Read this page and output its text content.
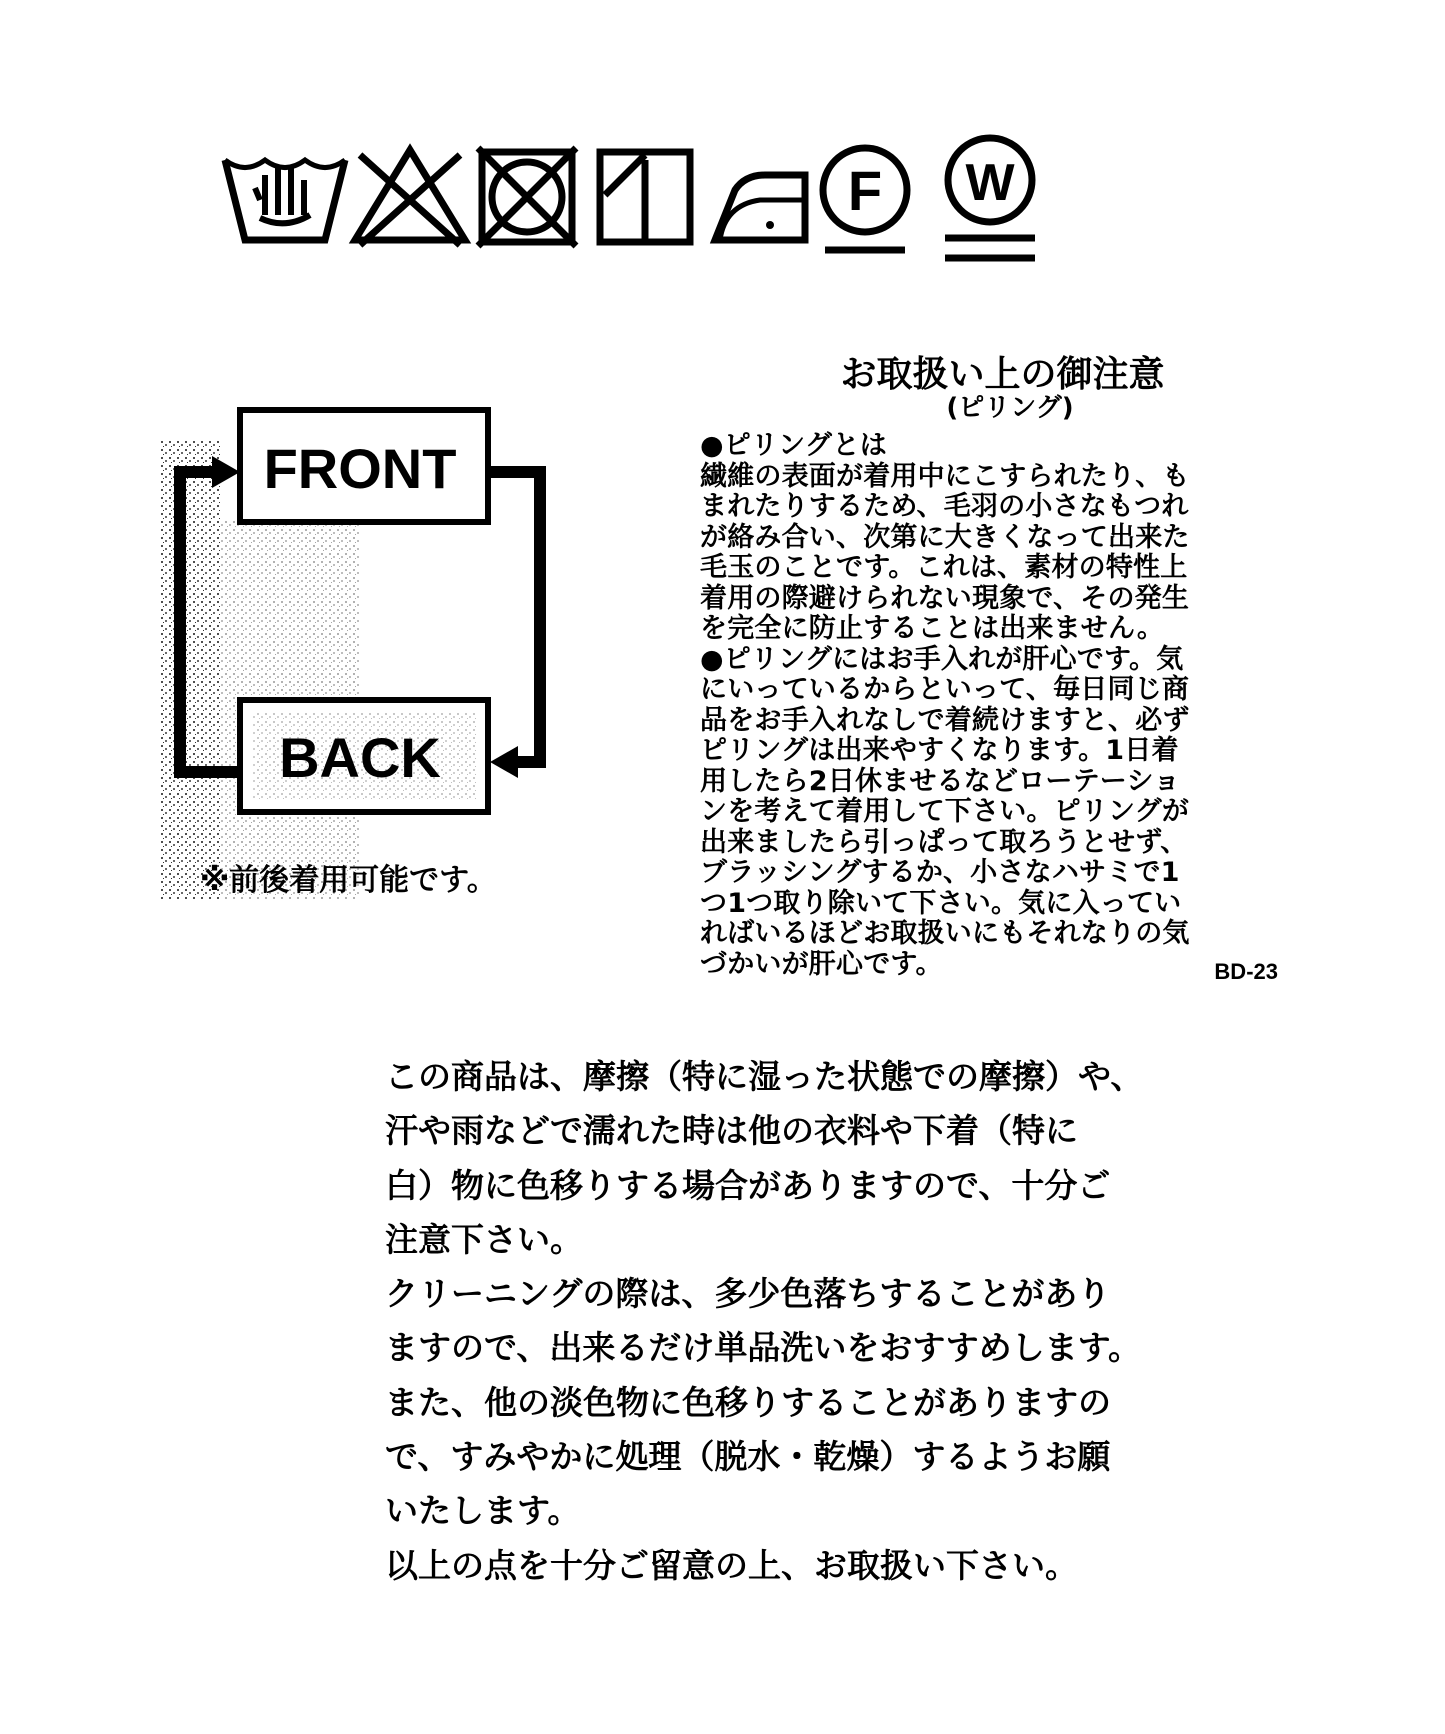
F W
FRONT
BACK
※前後着用可能です。
お取扱い上の御注意
(ピリング)
●ピリングとは
繊維の表面が着用中にこすられたり、も
まれたりするため、毛羽の小さなもつれ
が絡み合い、次第に大きくなって出来た
毛玉のことです。これは、素材の特性上
着用の際避けられない現象で、その発生
を完全に防止することは出来ません。
●ピリングにはお手入れが肝心です。気
にいっているからといって、毎日同じ商
品をお手入れなしで着続けますと、必ず
ピリングは出来やすくなります。1日着
用したら2日休ませるなどローテーショ
ンを考えて着用して下さい。ピリングが
出来ましたら引っぱって取ろうとせず、
ブラッシングするか、小さなハサミで1
つ1つ取り除いて下さい。気に入ってい
ればいるほどお取扱いにもそれなりの気
づかいが肝心です。	BD-23
この商品は、摩擦（特に湿った状態での摩擦）や、
汗や雨などで濡れた時は他の衣料や下着（特に
白）物に色移りする場合がありますので、十分ご
注意下さい。
クリーニングの際は、多少色落ちすることがあり
ますので、出来るだけ単品洗いをおすすめします。
また、他の淡色物に色移りすることがありますの
で、すみやかに処理（脱水・乾燥）するようお願
いたします。
以上の点を十分ご留意の上、お取扱い下さい。
